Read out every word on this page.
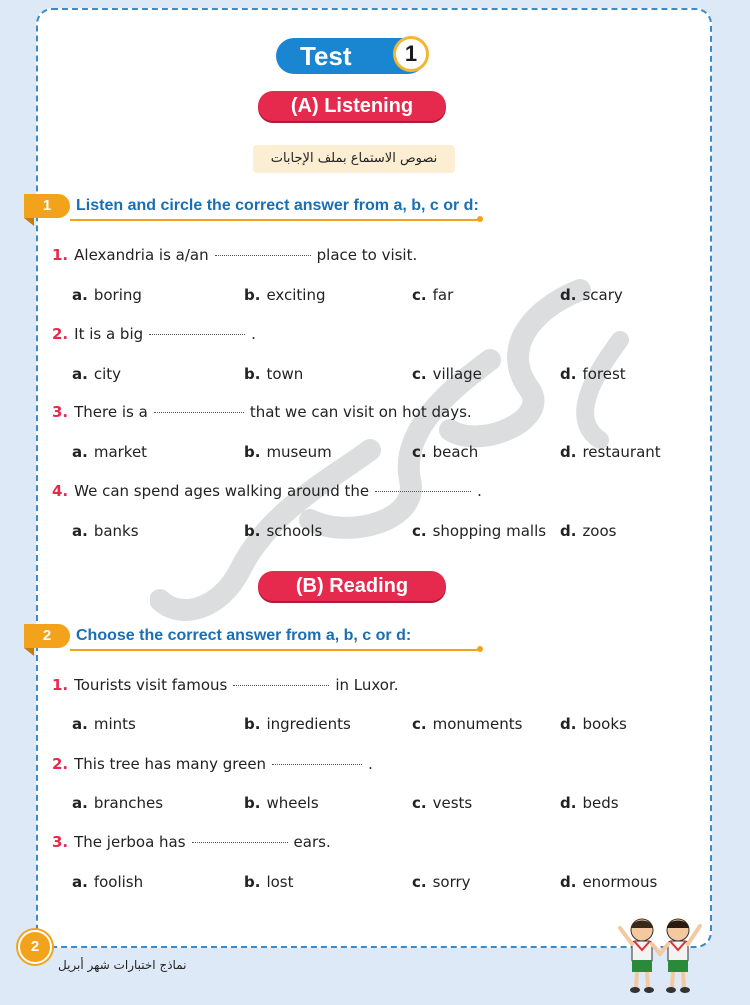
Test	1
(A) Listening
نصوص الاستماع بملف الإجابات
1	Listen and circle the correct answer from a, b, c or d:
1. Alexandria is a/an	place to visit.
a. boring	b. exciting	c. far	d. scary
2. It is a big	.
a. city	b. town	c. village	d. forest
3. There is a	that we can visit on hot days.
a. market	b. museum	c. beach	d. restaurant
4. We can spend ages walking around the	.
a. banks	b. schools	c. shopping malls d. zoos
(B) Reading
2	Choose the correct answer from a, b, c or d:
1. Tourists visit famous	in Luxor.
a. mints	b. ingredients	c. monuments	d. books
2. This tree has many green	.
a. branches	b. wheels	c. vests	d. beds
3. The jerboa has	ears.
a. foolish	b. lost	c. sorry	d. enormous
2
نماذج اختبارات شهر أبريل
